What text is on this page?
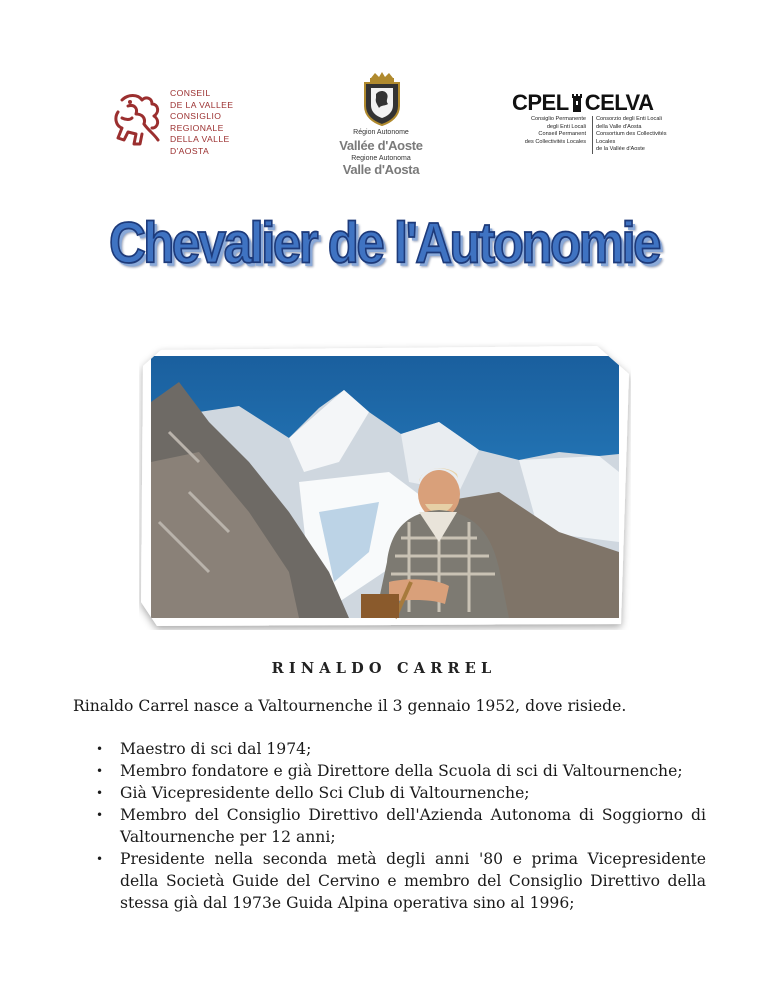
CONSEIL
DE LA VALLEE
CONSIGLIO
REGIONALE
DELLA VALLE
D'AOSTA
Région Autonome
Vallée d'Aoste
Regione Autonoma
Valle d'Aosta
CPEL CELVA
Consiglio Permanente
degli Enti Locali
Conseil Permanent
des Collectivités Locales
Consorzio degli Enti Locali
della Valle d'Aosta
Consortium des Collectivités Locales
de la Vallée d'Aoste
Chevalier de l'Autonomie
RINALDO CARREL

Rinaldo Carrel nasce a Valtournenche il 3 gennaio 1952, dove risiede.

• Maestro di sci dal 1974;
• Membro fondatore e già Direttore della Scuola di sci di Valtournenche;
• Già Vicepresidente dello Sci Club di Valtournenche;
• Membro del Consiglio Direttivo dell'Azienda Autonoma di Soggiorno di Valtournenche per 12 anni;
• Presidente nella seconda metà degli anni '80 e prima Vicepresidente della Società Guide del Cervino e membro del Consiglio Direttivo della stessa già dal 1973e Guida Alpina operativa sino al 1996;
